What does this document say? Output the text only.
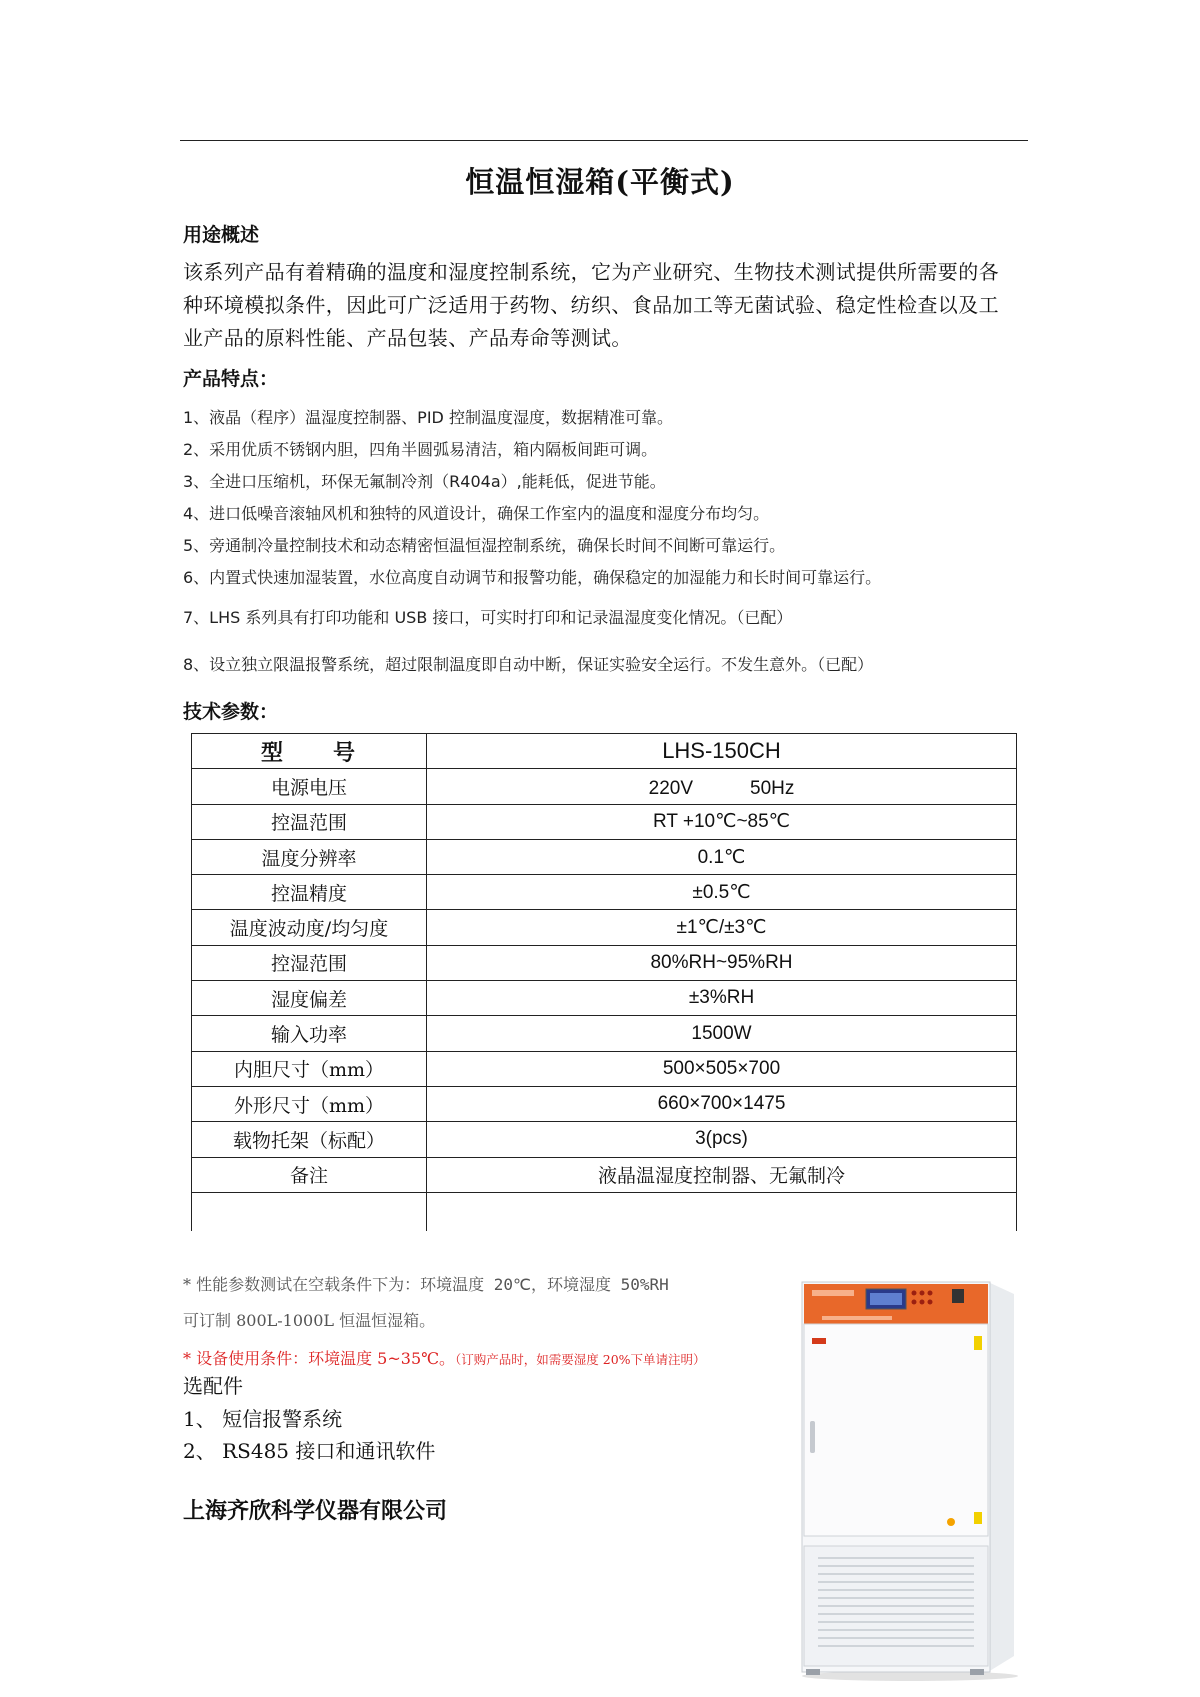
恒温恒湿箱(平衡式)
用途概述
该系列产品有着精确的温度和湿度控制系统，它为产业研究、生物技术测试提供所需要的各
种环境模拟条件，因此可广泛适用于药物、纺织、食品加工等无菌试验、稳定性检查以及工
业产品的原料性能、产品包装、产品寿命等测试。
产品特点：
1、液晶（程序）温湿度控制器、PID 控制温度湿度，数据精准可靠。
2、采用优质不锈钢内胆，四角半圆弧易清洁，箱内隔板间距可调。
3、全进口压缩机，环保无氟制冷剂（R404a）,能耗低，促进节能。
4、进口低噪音滚轴风机和独特的风道设计，确保工作室内的温度和湿度分布均匀。
5、旁通制冷量控制技术和动态精密恒温恒湿控制系统，确保长时间不间断可靠运行。
6、内置式快速加湿装置，水位高度自动调节和报警功能，确保稳定的加湿能力和长时间可靠运行。
7、LHS 系列具有打印功能和 USB 接口，可实时打印和记录温湿度变化情况。（已配）
8、设立独立限温报警系统，超过限制温度即自动中断，保证实验安全运行。不发生意外。（已配）
技术参数：
型　　号	LHS-150CH
电源电压	220V　　　50Hz
控温范围	RT +10℃~85℃
温度分辨率	0.1℃
控温精度	±0.5℃
温度波动度/均匀度	±1℃/±3℃
控湿范围	80%RH~95%RH
湿度偏差	±3%RH
输入功率	1500W
内胆尺寸（mm）	500×505×700
外形尺寸（mm）	660×700×1475
载物托架（标配）	3(pcs)
备注	液晶温湿度控制器、无氟制冷

* 性能参数测试在空载条件下为：环境温度 20℃，环境湿度 50%RH
可订制 800L-1000L 恒温恒湿箱。
* 设备使用条件：环境温度 5~35℃。（订购产品时，如需要湿度 20%下单请注明）
选配件
1、 短信报警系统
2、 RS485 接口和通讯软件
上海齐欣科学仪器有限公司
